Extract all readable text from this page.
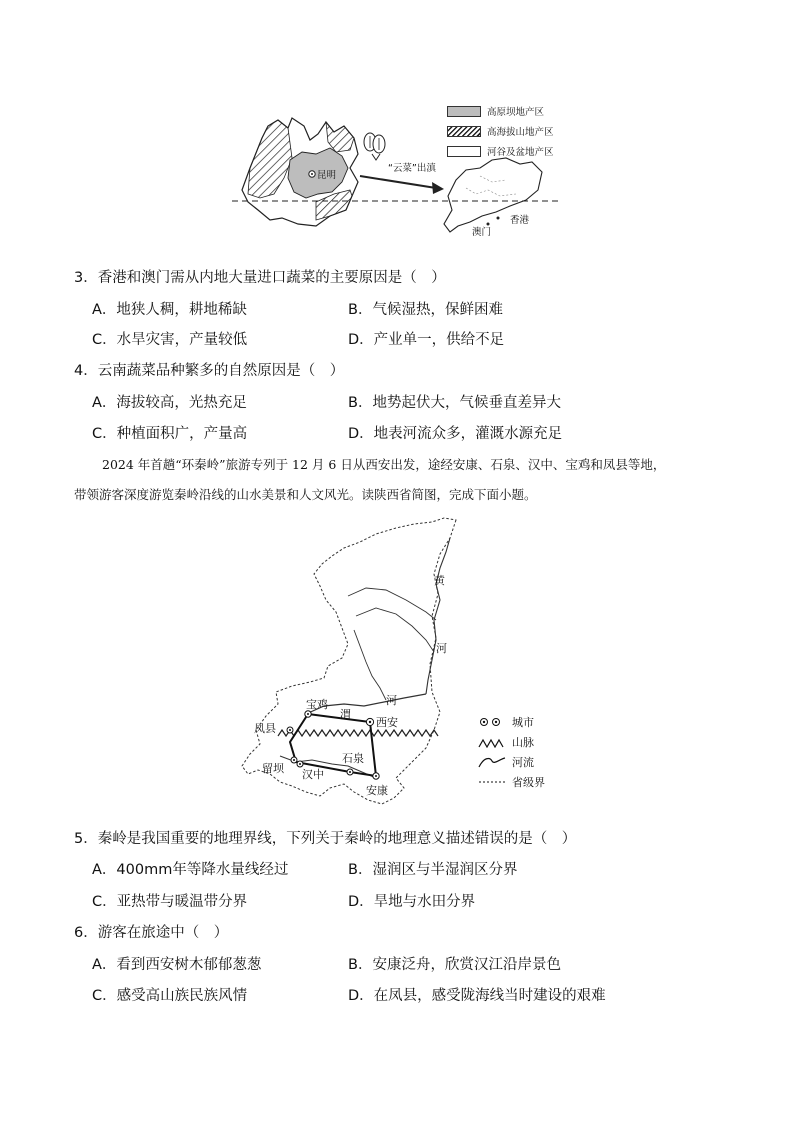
昆明
“云菜”出滇
香港
澳门
高原坝地产区
高海拔山地产区
河谷及盆地产区
3．香港和澳门需从内地大量进口蔬菜的主要原因是（　）
A．地狭人稠，耕地稀缺	B．气候湿热，保鲜困难
C．水旱灾害，产量较低	D．产业单一，供给不足
4．云南蔬菜品种繁多的自然原因是（　）
A．海拔较高，光热充足	B．地势起伏大，气候垂直差异大
C．种植面积广，产量高	D．地表河流众多，灌溉水源充足

2024 年首趟“环秦岭”旅游专列于 12 月 6 日从西安出发，途经安康、石泉、汉中、宝鸡和凤县等地，

带领游客深度游览秦岭沿线的山水美景和人文风光。读陕西省简图，完成下面小题。

黄
河
宝鸡
渭
河
西安
凤县
留坝 汉中
石泉
安康
城市
山脉
河流
省级界
5．秦岭是我国重要的地理界线，下列关于秦岭的地理意义描述错误的是（　）
A．400mm年等降水量线经过	B．湿润区与半湿润区分界
C．亚热带与暖温带分界	D．旱地与水田分界
6．游客在旅途中（　）
A．看到西安树木郁郁葱葱	B．安康泛舟，欣赏汉江沿岸景色
C．感受高山族民族风情	D．在凤县，感受陇海线当时建设的艰难
